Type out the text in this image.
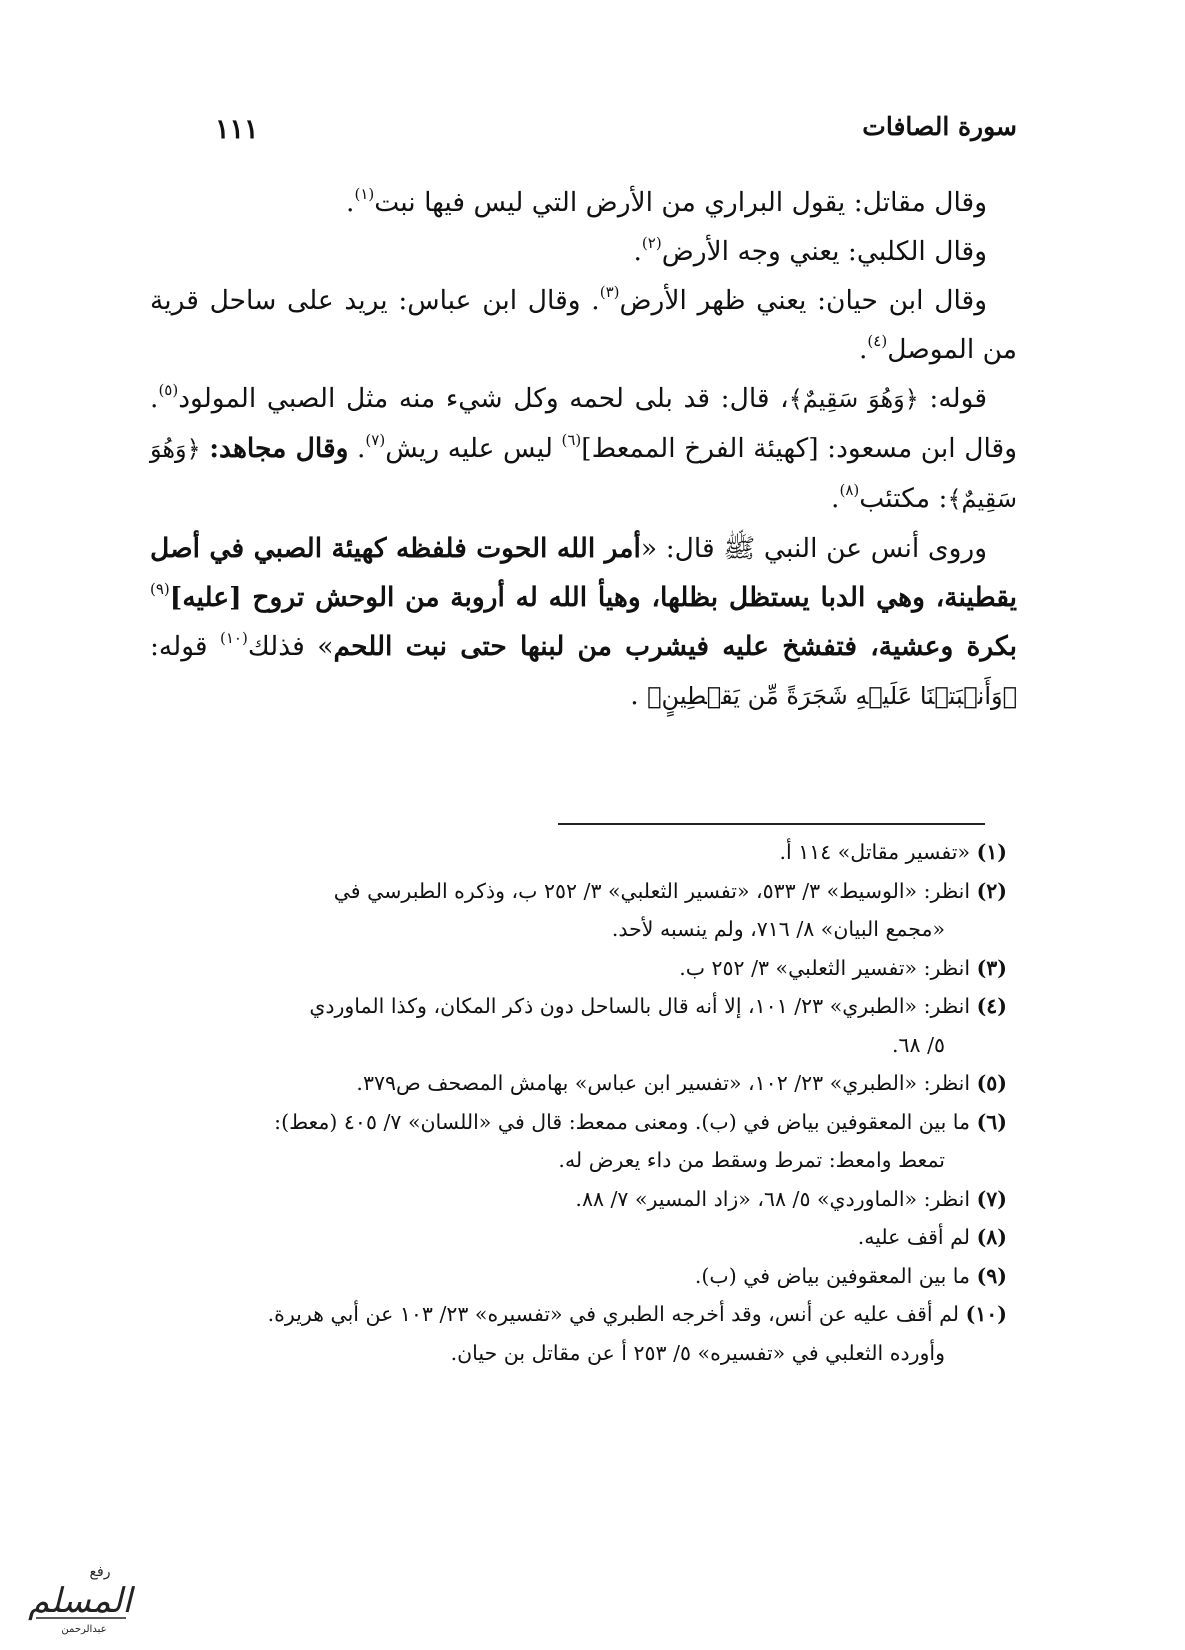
سورة الصافات
١١١

وقال مقاتل: يقول البراري من الأرض التي ليس فيها نبت$^{(١)}$.

وقال الكلبي: يعني وجه الأرض$^{(٢)}$.

وقال ابن حيان: يعني ظهر الأرض$^{(٣)}$. وقال ابن عباس: يريد على ساحل قرية من الموصل$^{(٤)}$.

قوله: ﴿وَهُوَ سَقِيمٌ﴾، قال: قد بلى لحمه وكل شيء منه مثل الصبي المولود$^{(٥)}$. وقال ابن مسعود: [كهيئة الفرخ الممعط]$^{(٦)}$ ليس عليه ريش$^{(٧)}$. وقال مجاهد: ﴿وَهُوَ سَقِيمٌ﴾: مكتئب$^{(٨)}$.

وروى أنس عن النبي ﷺ قال: «أمر الله الحوت فلفظه كهيئة الصبي في أصل يقطينة، وهي الدبا يستظل بظلها، وهيأ الله له أروبة من الوحش تروح [عليه]$^{(٩)}$ بكرة وعشية، فتفشخ عليه فيشرب من لبنها حتى نبت اللحم» فذلك$^{(١٠)}$ قوله: ﴿وَأَنۢبَتۡنَا عَلَيۡهِ شَجَرَةً مِّن يَقۡطِينٍ﴾ .

(١) «تفسير مقاتل» ١١٤ أ.

(٢) انظر: «الوسيط» ٣/ ٥٣٣، «تفسير الثعلبي» ٣/ ٢٥٢ ب، وذكره الطبرسي في
«مجمع البيان» ٨/ ٧١٦، ولم ينسبه لأحد.

(٣) انظر: «تفسير الثعلبي» ٣/ ٢٥٢ ب.

(٤) انظر: «الطبري» ٢٣/ ١٠١، إلا أنه قال بالساحل دون ذكر المكان، وكذا الماوردي
٥/ ٦٨.

(٥) انظر: «الطبري» ٢٣/ ١٠٢، «تفسير ابن عباس» بهامش المصحف ص٣٧٩.

(٦) ما بين المعقوفين بياض في (ب). ومعنى ممعط: قال في «اللسان» ٧/ ٤٠٥ (معط):
تمعط وامعط: تمرط وسقط من داء يعرض له.

(٧) انظر: «الماوردي» ٥/ ٦٨، «زاد المسير» ٧/ ٨٨.

(٨) لم أقف عليه.

(٩) ما بين المعقوفين بياض في (ب).

(١٠) لم أقف عليه عن أنس، وقد أخرجه الطبري في «تفسيره» ٢٣/ ١٠٣ عن أبي هريرة.
وأورده الثعلبي في «تفسيره» ٥/ ٢٥٣ أ عن مقاتل بن حيان.

رفع
المسلم
عبدالرحمن
